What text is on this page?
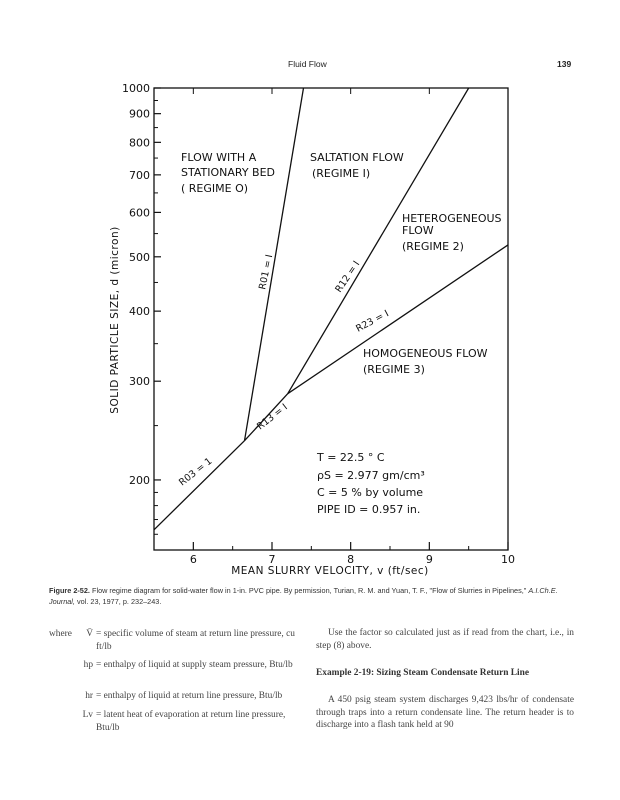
Fluid Flow	139
1000
900
800
700
600
500
400
300
200
6	7	8	9	10
MEAN SLURRY VELOCITY, v (ft/sec)
SOLID PARTICLE SIZE, d (micron)
FLOW WITH A
STATIONARY BED
( REGIME O)
SALTATION FLOW
(REGIME I)
HETEROGENEOUS
FLOW
(REGIME 2)
HOMOGENEOUS FLOW
(REGIME 3)
R03 = 1
R01 = I
R13 = I
R12 = I
R23 = I
T = 22.5 ° C
ρS = 2.977 gm/cm³
C = 5 % by volume
PIPE ID = 0.957 in.
Figure 2-52. Flow regime diagram for solid-water flow in 1-in. PVC pipe. By permission, Turian, R. M. and Yuan, T. F., "Flow of Slurries in Pipelines," A.I.Ch.E. Journal, vol. 23, 1977, p. 232–243.
where	V̄ = specific volume of steam at return line pressure, cu ft/lb
hp = enthalpy of liquid at supply steam pressure, Btu/lb
hr = enthalpy of liquid at return line pressure, Btu/lb
Lv = latent heat of evaporation at return line pressure, Btu/lb
Use the factor so calculated just as if read from the chart, i.e., in step (8) above.
Example 2-19: Sizing Steam Condensate Return Line
A 450 psig steam system discharges 9,423 lbs/hr of condensate through traps into a return condensate line. The return header is to discharge into a flash tank held at 90
